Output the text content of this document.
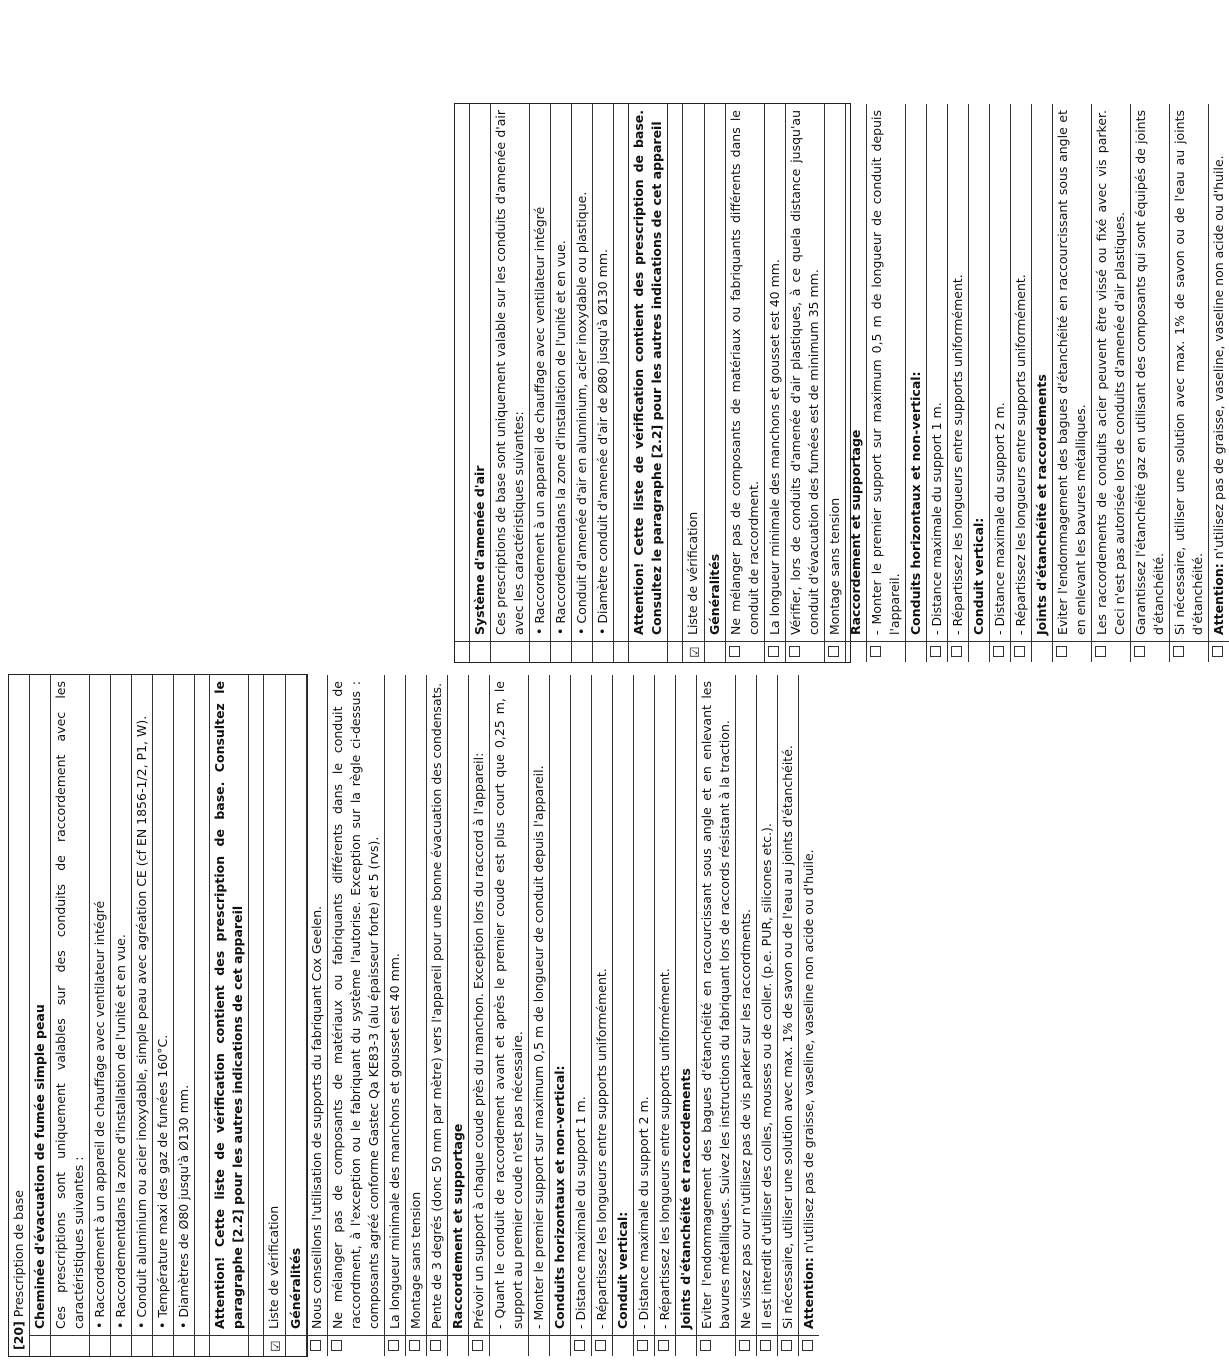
[20] Prescription de base Cheminée d'évacuation de fumée simple peau Ces prescriptions sont uniquement valables sur des conduits de raccordement avec les caractéristiques suivantes : • Raccordement à un appareil de chauffage avec ventilateur intégré • Raccordementdans la zone d'installation de l'unité et en vue. • Conduit aluminium ou acier inoxydable, simple peau avec agréation CE (cf EN 1856-1/2, P1, W). • Température maxi des gaz de fumées 160°C. • Diamètres de Ø80 jusqu'à Ø130 mm. Attention! Cette liste de vérification contient des prescription de base. Consultez le paragraphe [2.2] pour les autres indications de cet appareil
☑
Liste de vérification Généralités Nous conseillons l'utilisation de supports du fabriquant Cox Geelen. Ne mélanger pas de composants de matériaux ou fabriquants différents dans le conduit de raccordment, à l'exception ou le fabriquant du système l'autorise. Exception sur la règle ci-dessus : composants agréé conforme Gastec Qa KE83-3 (alu épaisseur forte) et 5 (rvs). La longueur minimale des manchons et gousset est 40 mm. Montage sans tension Pente de 3 degrés (donc 50 mm par mètre) vers l'appareil pour une bonne évacuation des condensats. Raccordement et supportage Prévoir un support à chaque coude près du manchon. Exception lors du raccord à l'appareil: - Quant le conduit de raccordement avant et après le premier coude est plus court que 0,25 m, le support au premier coude n'est pas nécessaire. - Monter le premier support sur maximum 0,5 m de longueur de conduit depuis l'appareil. Conduits horizontaux et non-vertical: - Distance maximale du support 1 m. - Répartissez les longueurs entre supports uniformément. Conduit vertical: - Distance maximale du support 2 m. - Répartissez les longueurs entre supports uniformément. Joints d'étanchéité et raccordements Eviter l'endommagement des bagues d'étanchéité en raccourcissant sous angle et en enlevant les bavures métalliques. Suivez les instructions du fabriquant lors de raccords résistant à la traction. Ne vissez pas our n'utilisez pas de vis parker sur les raccordments. Il est interdit d'utiliser des colles, mousses ou de coller. (p.e. PUR, silicones etc.). Si nécessaire, utiliser une solution avec max. 1% de savon ou de l'eau au joints d'étanchéité. Attention: n'utilisez pas de graisse, vaseline, vaseline non acide ou d'huile.
Système d'amenée d'air Ces prescriptions de base sont uniquement valable sur les conduits d'amenée d'air avec les caractéristiques suivantes: • Raccordement à un appareil de chauffage avec ventilateur intégré • Raccordementdans la zone d'installation de l'unité et en vue. • Conduit d'amenée d'air en aluminium, acier inoxydable ou plastique. • Diamètre conduit d'amenée d'air de Ø80 jusqu'à Ø130 mm. Attention! Cette liste de vérification contient des prescription de base. Consultez le paragraphe [2.2] pour les autres indications de cet appareil
☑
Liste de vérification Généralités Ne mélanger pas de composants de matériaux ou fabriquants différents dans le conduit de raccordment. La longueur minimale des manchons et gousset est 40 mm. Vérifier, lors de conduits d'amenée d'air plastiques, à ce quela distance jusqu'au conduit d'évacuation des fumées est de minimum 35 mm. Montage sans tension Raccordement et supportage - Monter le premier support sur maximum 0,5 m de longueur de conduit depuis l'appareil. Conduits horizontaux et non-vertical: - Distance maximale du support 1 m. - Répartissez les longueurs entre supports uniformément. Conduit vertical: - Distance maximale du support 2 m. - Répartissez les longueurs entre supports uniformément. Joints d'étanchéité et raccordements Eviter l'endommagement des bagues d'étanchéité en raccourcissant sous angle et en enlevant les bavures métalliques. Les raccordements de conduits acier peuvent être vissé ou fixé avec vis parker. Ceci n'est pas autorisée lors de conduits d'amenée d'air plastiques. Garantissez l'étanchéité gaz en utilisant des composants qui sont équipés de joints d'étanchéité. Si nécessaire, utiliser une solution avec max. 1% de savon ou de l'eau au joints d'étanchéité. Attention: n'utilisez pas de graisse, vaseline, vaseline non acide ou d'huile.
